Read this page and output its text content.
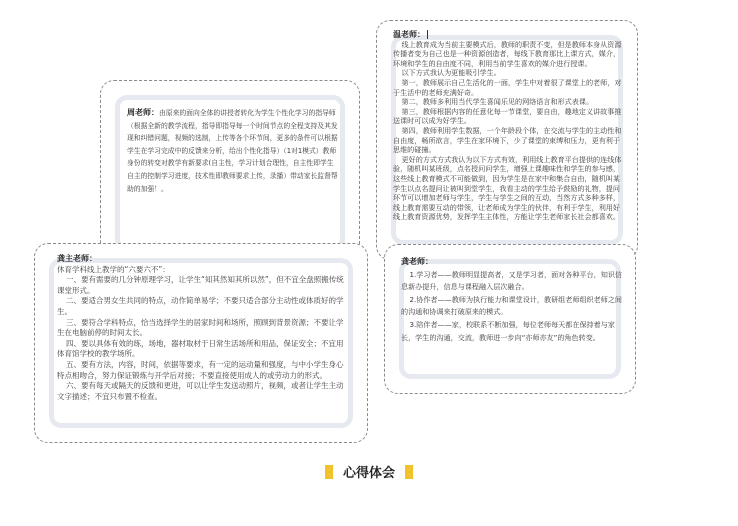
周老师：由原来的面向全体的讲授者转化为学生个性化学习的指导师（根据全新的教学流程，指导即指导每一个时间节点的全程支持及其发现和纠错问题，视频的选制，上传等各个环节间，更多的条件可以根据学生在学习完成中的反馈来分析，给出个性化指导）（1对1模式）教师身份的转变对教学有新要求(自主性，学习计划合理性，自主性即学生自主的控制学习进度，技术性即教师要求上传，录播）带动家长监督帮助的加强！。
温老师：
线上教育成为当前主要模式后，教师的职责不变，但是教师本身从资源传播者变为自己也是一种资源创造者，每线下教育那比上课方式，媒介，环境和学生的自由度不同，利用当前学生喜欢的媒介进行授课。
以下方式我认为更能吸引学生。
第一，教师展示自己生活化的一面，学生中对着很了课堂上的老师，对于生活中的老师充满好奇。
第二，教师多利用当代学生喜闻乐见的网络语言和形式表课。
第三，教师根据内容的任意化每一节课堂，要自由，趣地定义讲故事推送课时可以成为好学生。
第四，教师利用学生数据，一个年龄段个体，在交流与学生的主动性和自由度，畅所欲言，学生在家环境下，少了课堂的束缚和压力，更有利于思维的碰撞。
更好的方式方式我认为以下方式有效，利用线上教育平台提供的连线体验，随机叫某班级，点名授问问学生，增强上课趣味性和学生的参与感，这些线上教育模式不可能做到，因为学生是在家中和集合自由，随机叫某学生以点名提问让被叫到堂学生，我看主动的学生给予鼓励的礼物，提问环节可以增加老师与学生，学生与学生之间的互动，当然方式多种多样，线上教育需要互动的带领，让老师成为学生的伙伴，有利于学生，利用好线上教育资源优势，发挥学生主体性，方能让学生老师家长社会都喜欢。
龚主老师：
休育学科线上教学的“六要六不”：
一、要有需要的几分钟原理学习，让学生“知其然知其所以然”，但不宜全盘照搬传统课堂形式。
二、要适合男女生共同的特点，动作简单易学；不要只适合部分主动性或体质好的学生。
三、要符合学科特点，恰当选择学生的居家时间和场所，照顾到背景资源；不要让学生在电脑前停的时间太长。
四、要以具体有效的练，场地，器材取材于日常生活场所和用品，保证安全；不宜用体育馆学校的教学场所。
五、要有方法，内容，时间，依据等要求，有一定的运动量和强度，与中小学生身心特点相吻合，努力保证锻炼与开学后对接；不要直接使用成人的或劳动力的形式。
六、要有每天或隔天的反馈和更进，可以让学生发送动照片，视频，或者让学生主动文字描述；不宜只布置不检查。
龚老师：
1.学习者——教师明显提高者，又是学习者，面对各种平台，知识信息新办提升，信息与课程融入层次融合。
2.协作者——教师为执行能力和课堂设计，教研组老师组织老师之间的沟通和协调来打破原来的模式。
3.陪伴者——家，校联系不断加强，每位老师每天都在保持着与家长，学生的沟通，交流，教师进一步向“亦师亦友”的角色转变。
心得体会
